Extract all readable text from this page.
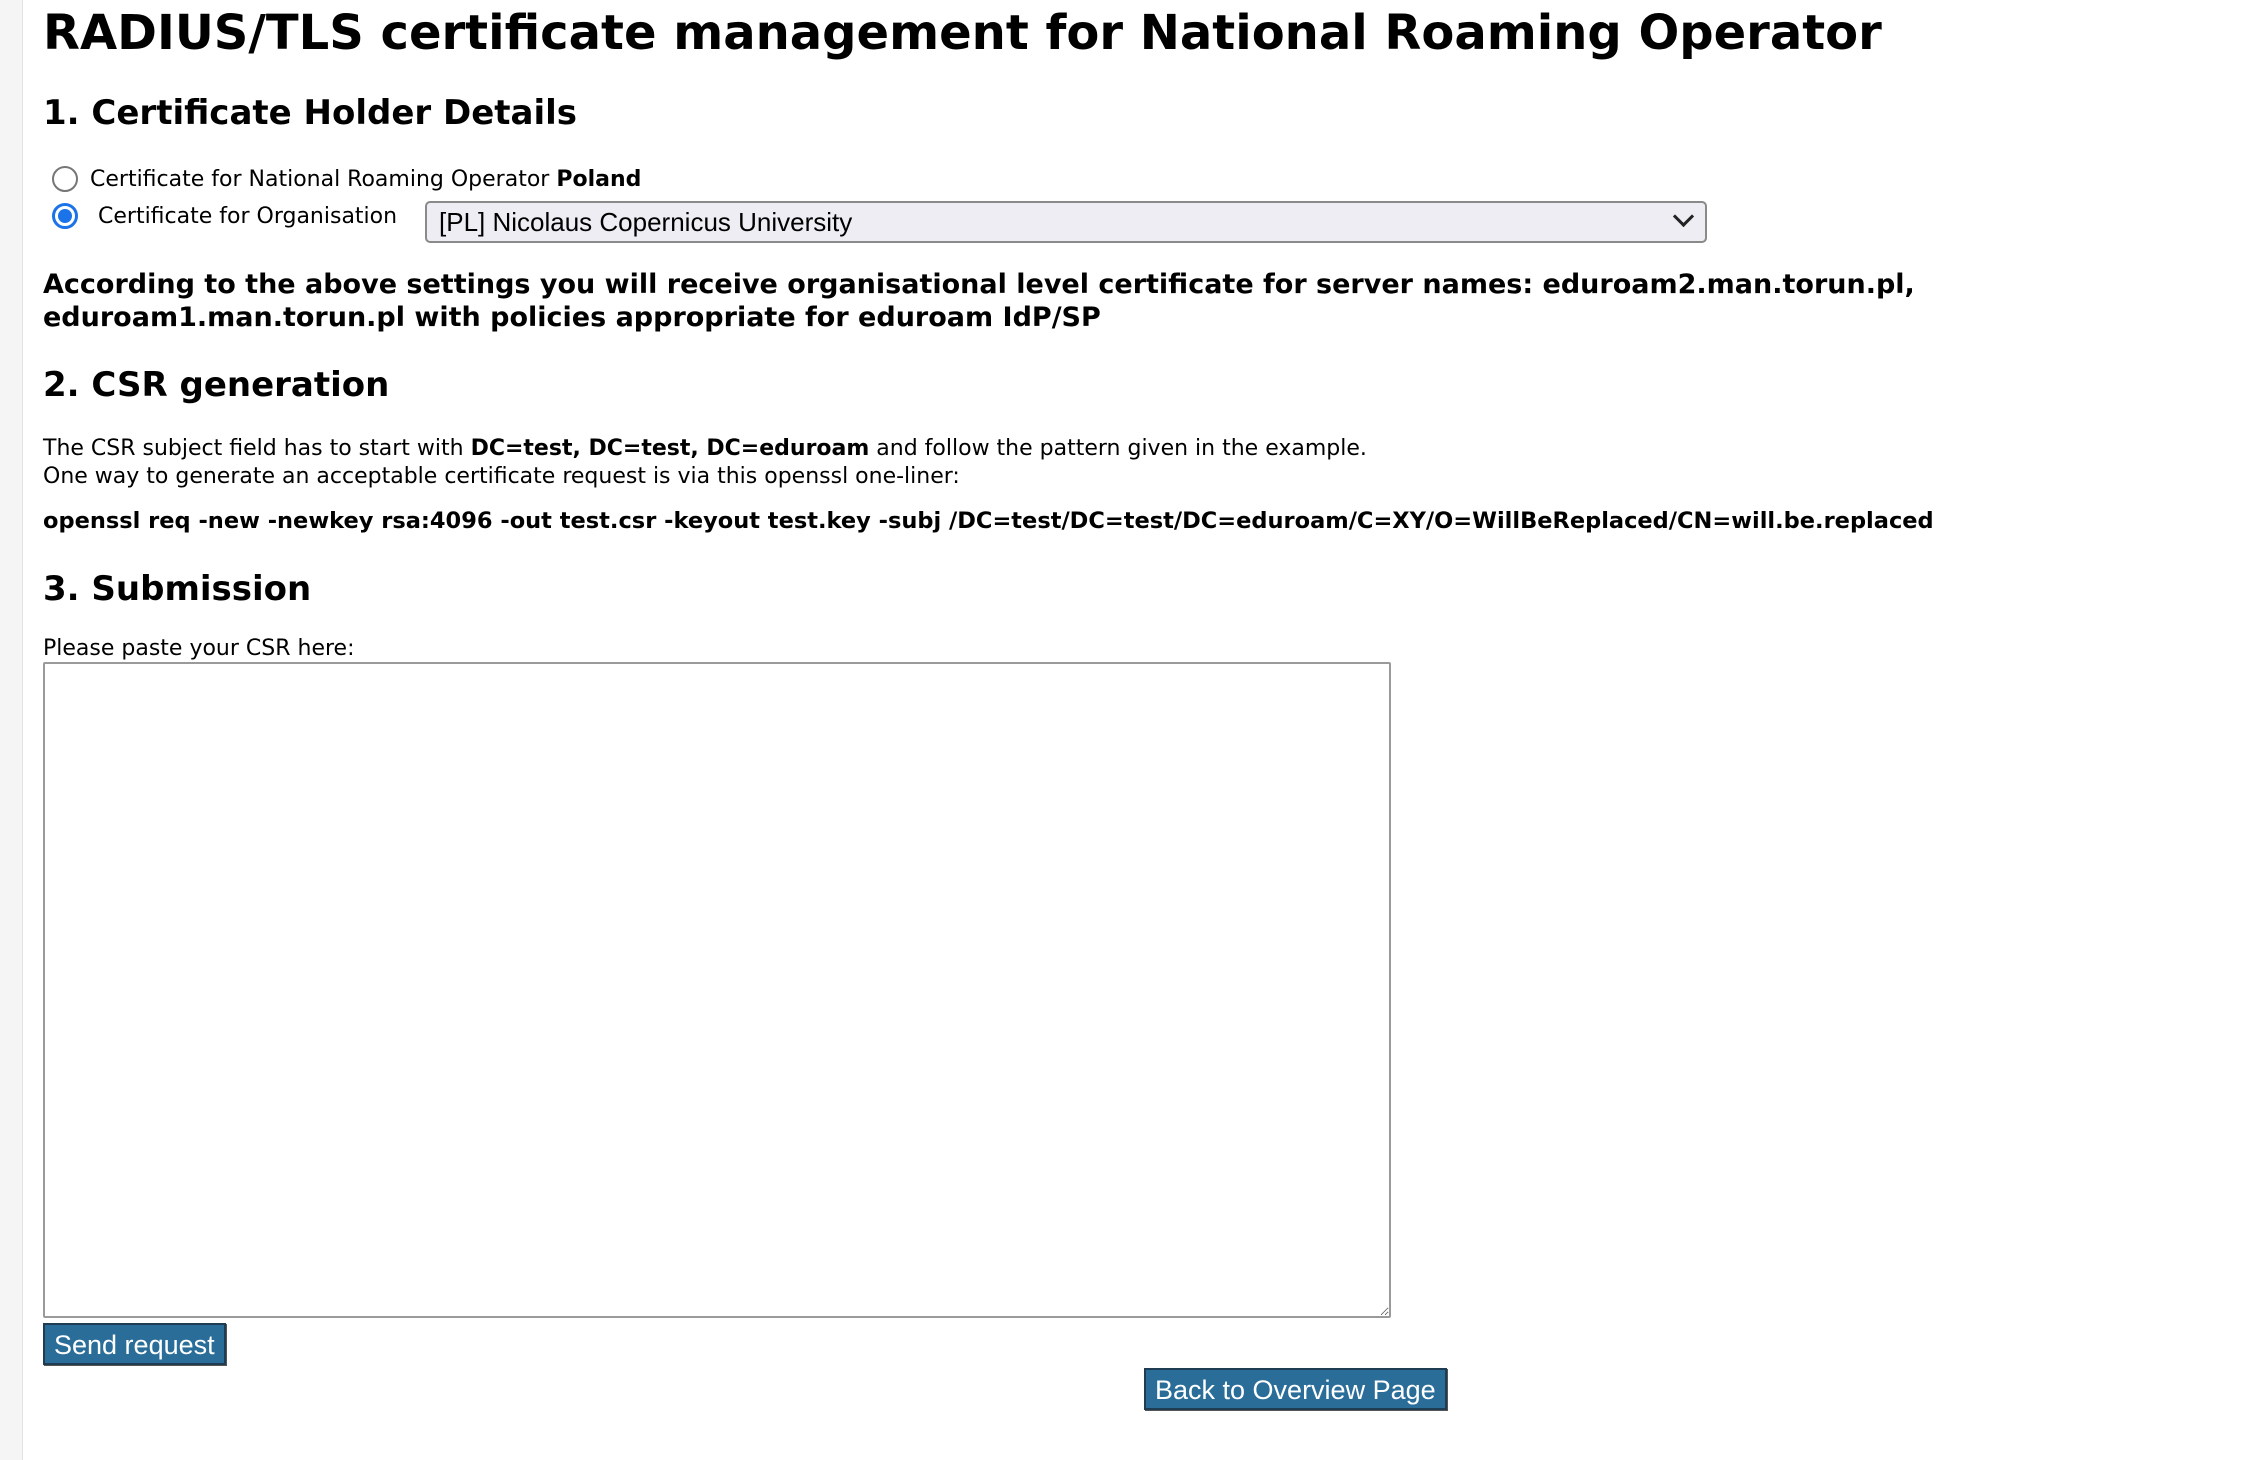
RADIUS/TLS certificate management for National Roaming Operator
1. Certificate Holder Details
Certificate for National Roaming Operator Poland
Certificate for Organisation [PL] Nicolaus Copernicus University
According to the above settings you will receive organisational level certificate for server names: eduroam2.man.torun.pl, eduroam1.man.torun.pl with policies appropriate for eduroam IdP/SP
2. CSR generation
The CSR subject field has to start with DC=test, DC=test, DC=eduroam and follow the pattern given in the example.
One way to generate an acceptable certificate request is via this openssl one-liner:
openssl req -new -newkey rsa:4096 -out test.csr -keyout test.key -subj /DC=test/DC=test/DC=eduroam/C=XY/O=WillBeReplaced/CN=will.be.replaced
3. Submission
Please paste your CSR here:
Send request
Back to Overview Page
